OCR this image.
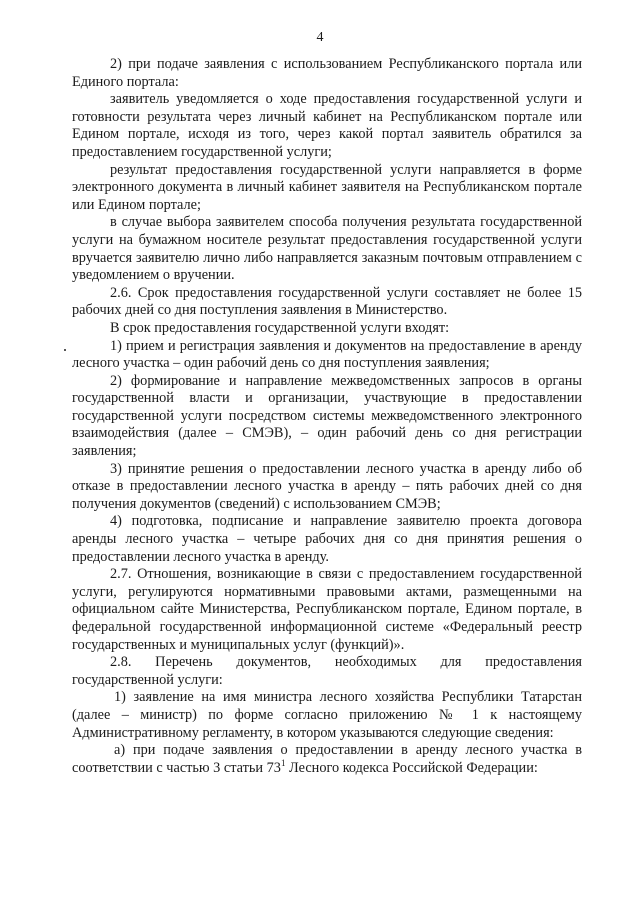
4

2) при подаче заявления с использованием Республиканского портала или Единого портала:

заявитель уведомляется о ходе предоставления государственной услуги и готовности результата через личный кабинет на Республиканском портале или Едином портале, исходя из того, через какой портал заявитель обратился за предоставлением государственной услуги;

результат предоставления государственной услуги направляется в форме электронного документа в личный кабинет заявителя на Республиканском портале или Едином портале;

в случае выбора заявителем способа получения результата государственной услуги на бумажном носителе результат предоставления государственной услуги вручается заявителю лично либо направляется заказным почтовым отправлением с уведомлением о вручении.

2.6. Срок предоставления государственной услуги составляет не более 15 рабочих дней со дня поступления заявления в Министерство.

В срок предоставления государственной услуги входят:

1) прием и регистрация заявления и документов на предоставление в аренду лесного участка – один рабочий день со дня поступления заявления;

2) формирование и направление межведомственных запросов в органы государственной власти и организации, участвующие в предоставлении государственной услуги посредством системы межведомственного электронного взаимодействия (далее – СМЭВ), – один рабочий день со дня регистрации заявления;

3) принятие решения о предоставлении лесного участка в аренду либо об отказе в предоставлении лесного участка в аренду – пять рабочих дней со дня получения документов (сведений) с использованием СМЭВ;

4) подготовка, подписание и направление заявителю проекта договора аренды лесного участка – четыре рабочих дня со дня принятия решения о предоставлении лесного участка в аренду.

2.7. Отношения, возникающие в связи с предоставлением государственной услуги, регулируются нормативными правовыми актами, размещенными на официальном сайте Министерства, Республиканском портале, Едином портале, в федеральной государственной информационной системе «Федеральный реестр государственных и муниципальных услуг (функций)».

2.8. Перечень документов, необходимых для предоставления государственной услуги:

1) заявление на имя министра лесного хозяйства Республики Татарстан (далее – министр) по форме согласно приложению № 1 к настоящему Административному регламенту, в котором указываются следующие сведения:

а) при подаче заявления о предоставлении в аренду лесного участка в соответствии с частью 3 статьи $73^1$ Лесного кодекса Российской Федерации:
